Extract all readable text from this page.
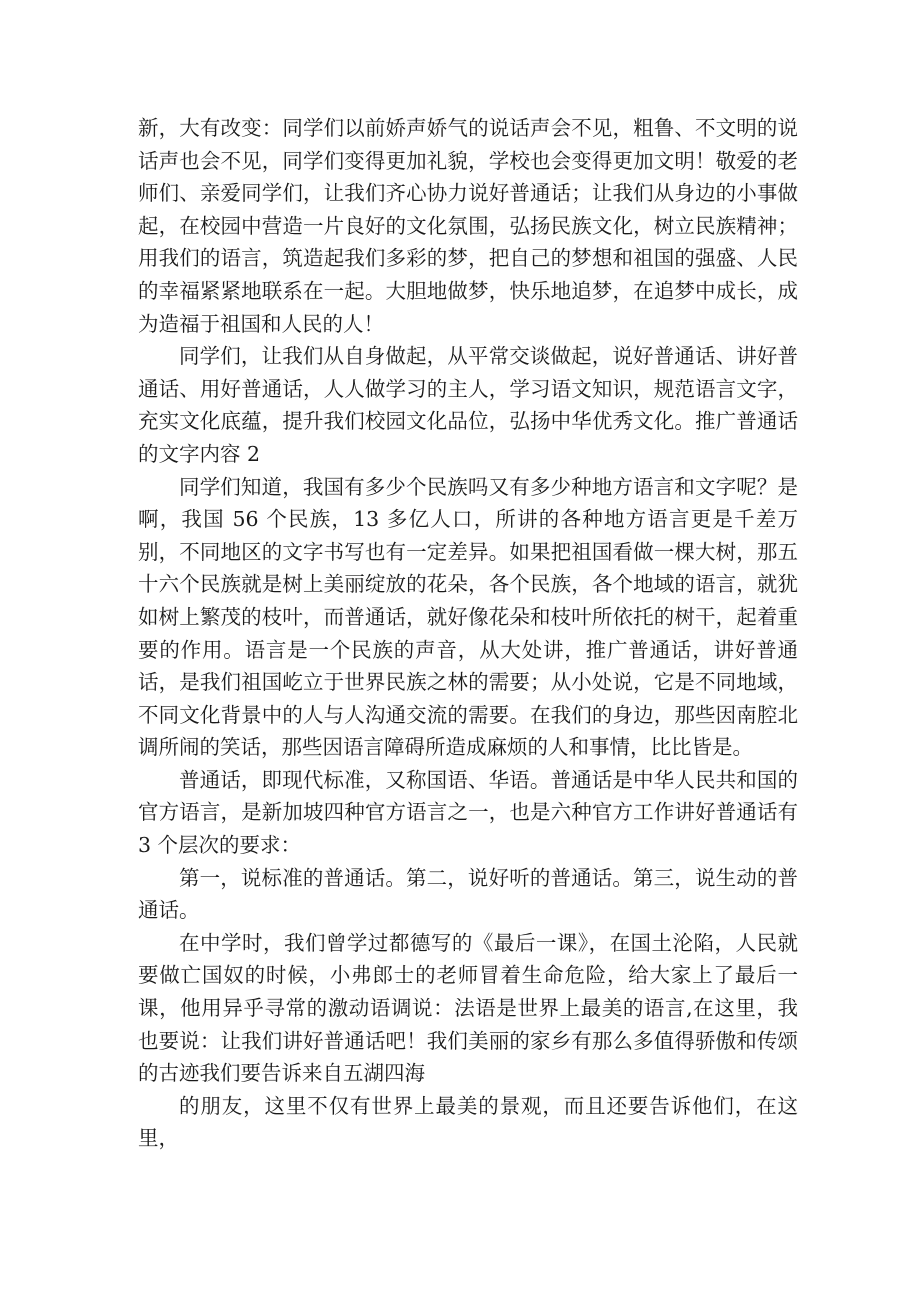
新，大有改变：同学们以前娇声娇气的说话声会不见，粗鲁、不文明的说话声也会不见，同学们变得更加礼貌，学校也会变得更加文明！敬爱的老师们、亲爱同学们，让我们齐心协力说好普通话；让我们从身边的小事做起，在校园中营造一片良好的文化氛围，弘扬民族文化，树立民族精神；用我们的语言，筑造起我们多彩的梦，把自己的梦想和祖国的强盛、人民的幸福紧紧地联系在一起。大胆地做梦，快乐地追梦，在追梦中成长，成为造福于祖国和人民的人！

同学们，让我们从自身做起，从平常交谈做起，说好普通话、讲好普通话、用好普通话，人人做学习的主人，学习语文知识，规范语言文字，充实文化底蕴，提升我们校园文化品位，弘扬中华优秀文化。推广普通话的文字内容 2

同学们知道，我国有多少个民族吗又有多少种地方语言和文字呢？是啊，我国 56 个民族，13 多亿人口，所讲的各种地方语言更是千差万别，不同地区的文字书写也有一定差异。如果把祖国看做一棵大树，那五十六个民族就是树上美丽绽放的花朵，各个民族，各个地域的语言，就犹如树上繁茂的枝叶，而普通话，就好像花朵和枝叶所依托的树干，起着重要的作用。语言是一个民族的声音，从大处讲，推广普通话，讲好普通话，是我们祖国屹立于世界民族之林的需要；从小处说，它是不同地域，不同文化背景中的人与人沟通交流的需要。在我们的身边，那些因南腔北调所闹的笑话，那些因语言障碍所造成麻烦的人和事情，比比皆是。

普通话，即现代标准，又称国语、华语。普通话是中华人民共和国的官方语言，是新加坡四种官方语言之一，也是六种官方工作讲好普通话有 3 个层次的要求：

第一，说标准的普通话。第二，说好听的普通话。第三，说生动的普通话。

在中学时，我们曾学过都德写的《最后一课》，在国土沦陷，人民就要做亡国奴的时候，小弗郎士的老师冒着生命危险，给大家上了最后一课，他用异乎寻常的激动语调说：法语是世界上最美的语言,在这里，我也要说：让我们讲好普通话吧！我们美丽的家乡有那么多值得骄傲和传颂的古迹我们要告诉来自五湖四海

的朋友，这里不仅有世界上最美的景观，而且还要告诉他们，在这里，
